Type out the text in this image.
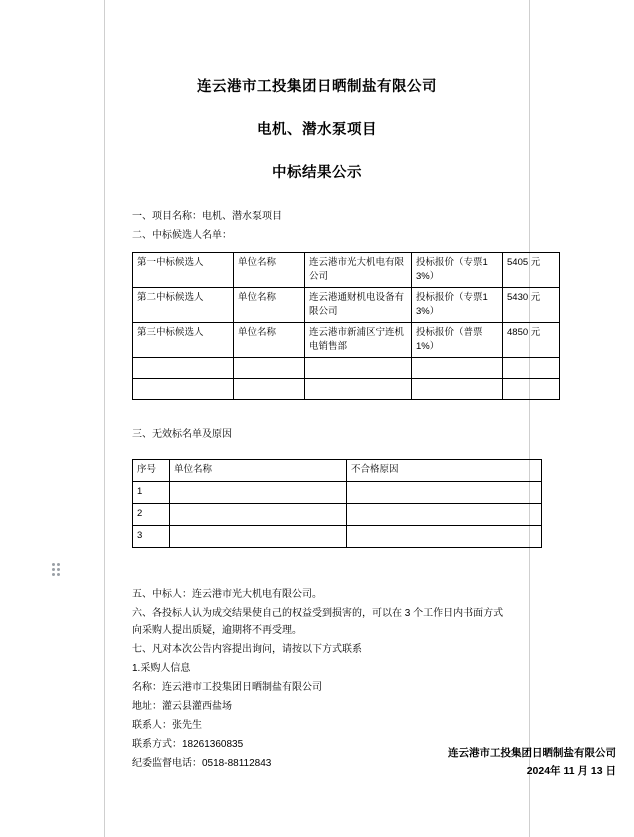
连云港市工投集团日晒制盐有限公司
电机、潜水泵项目
中标结果公示

一、项目名称：电机、潜水泵项目

二、中标候选人名单：

第一中标候选人	单位名称	连云港市光大机电有限公司	投标报价（专票13%）	5405 元
第二中标候选人	单位名称	连云港通财机电设备有限公司	投标报价（专票13%）	5430 元
第三中标候选人	单位名称	连云港市新浦区宁连机电销售部	投标报价（普票1%）	4850 元

三、无效标名单及原因

序号	单位名称	不合格原因
1		
2		
3		

五、中标人：连云港市光大机电有限公司。

六、各投标人认为成交结果使自己的权益受到损害的，可以在 3 个工作日内书面方式向采购人提出质疑，逾期将不再受理。

七、凡对本次公告内容提出询问，请按以下方式联系

1.采购人信息

名称：连云港市工投集团日晒制盐有限公司

地址：灌云县灌西盐场

联系人：张先生

联系方式：18261360835

纪委监督电话：0518-88112843

连云港市工投集团日晒制盐有限公司
2024年 11 月 13 日
